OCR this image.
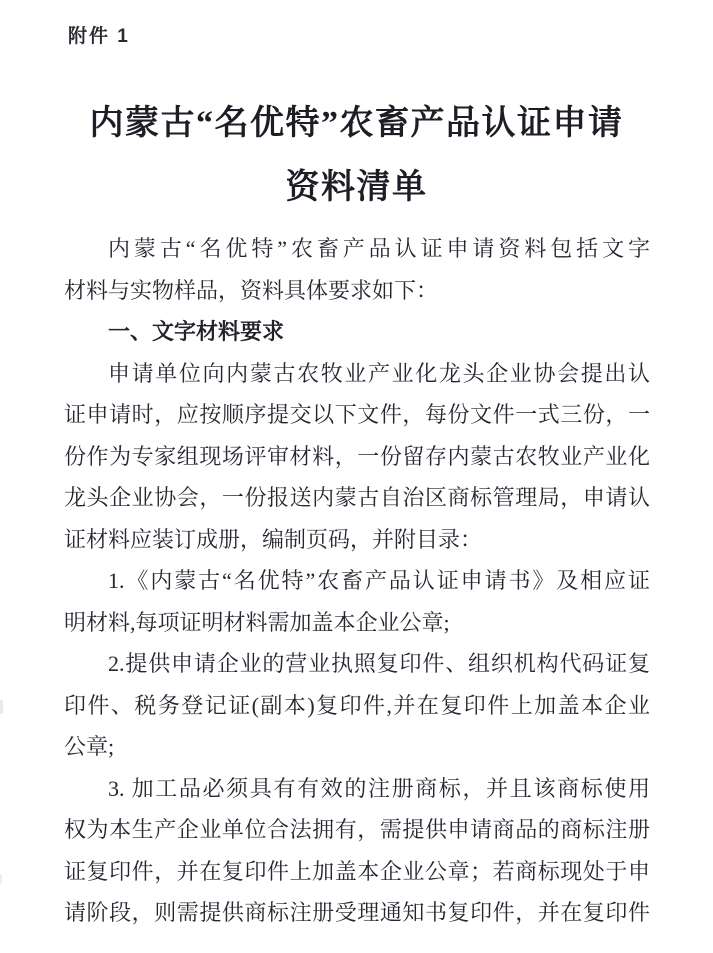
附件 1
内蒙古“名优特”农畜产品认证申请
资料清单
内蒙古“名优特”农畜产品认证申请资料包括文字
材料与实物样品，资料具体要求如下：
一、文字材料要求
申请单位向内蒙古农牧业产业化龙头企业协会提出认
证申请时，应按顺序提交以下文件，每份文件一式三份，一
份作为专家组现场评审材料，一份留存内蒙古农牧业产业化
龙头企业协会，一份报送内蒙古自治区商标管理局，申请认
证材料应装订成册，编制页码，并附目录：
1.《内蒙古“名优特”农畜产品认证申请书》及相应证
明材料,每项证明材料需加盖本企业公章;
2.提供申请企业的营业执照复印件、组织机构代码证复
印件、税务登记证(副本)复印件,并在复印件上加盖本企业
公章;
3. 加工品必须具有有效的注册商标，并且该商标使用
权为本生产企业单位合法拥有，需提供申请商品的商标注册
证复印件，并在复印件上加盖本企业公章；若商标现处于申
请阶段，则需提供商标注册受理通知书复印件，并在复印件
